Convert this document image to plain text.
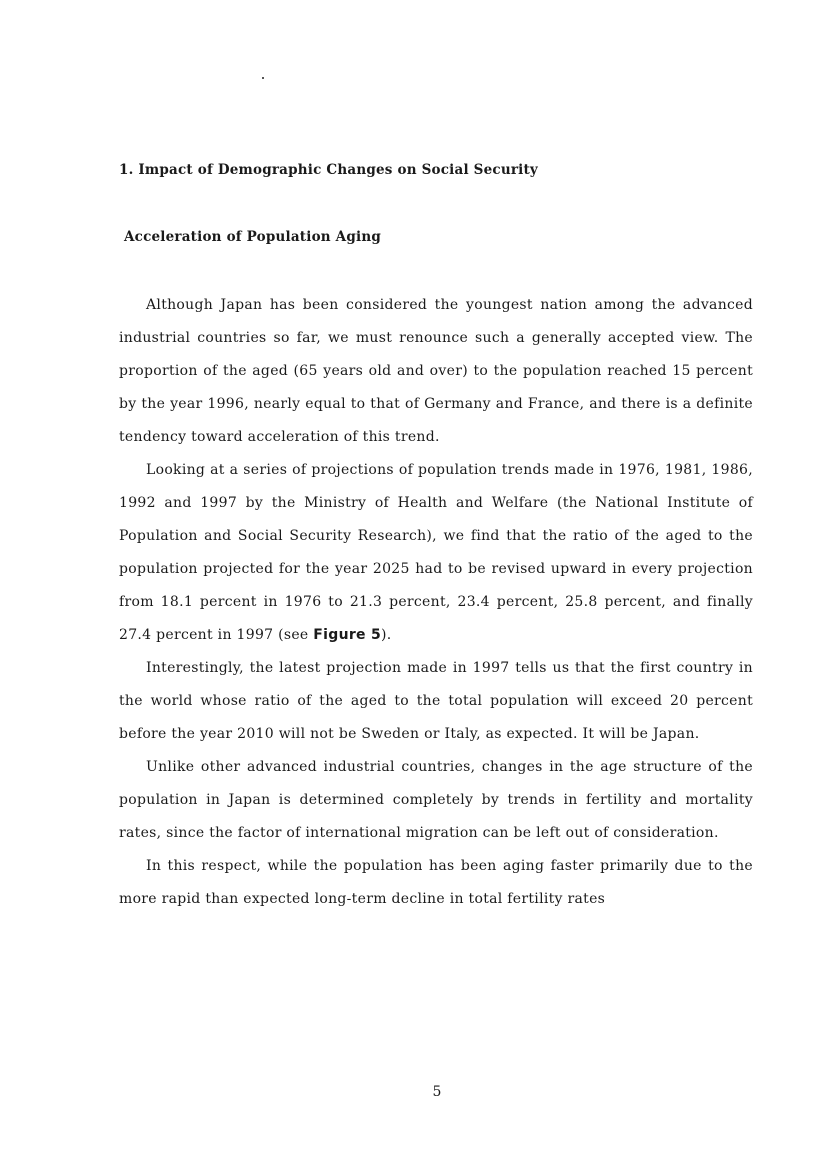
1. Impact of Demographic Changes on Social Security
Acceleration of Population Aging

Although Japan has been considered the youngest nation among the advanced industrial countries so far, we must renounce such a generally accepted view. The proportion of the aged (65 years old and over) to the population reached 15 percent by the year 1996, nearly equal to that of Germany and France, and there is a definite tendency toward acceleration of this trend.

Looking at a series of projections of population trends made in 1976, 1981, 1986, 1992 and 1997 by the Ministry of Health and Welfare (the National Institute of Population and Social Security Research), we find that the ratio of the aged to the population projected for the year 2025 had to be revised upward in every projection from 18.1 percent in 1976 to 21.3 percent, 23.4 percent, 25.8 percent, and finally 27.4 percent in 1997 (see Figure 5).

Interestingly, the latest projection made in 1997 tells us that the first country in the world whose ratio of the aged to the total population will exceed 20 percent before the year 2010 will not be Sweden or Italy, as expected. It will be Japan.

Unlike other advanced industrial countries, changes in the age structure of the population in Japan is determined completely by trends in fertility and mortality rates, since the factor of international migration can be left out of consideration.

In this respect, while the population has been aging faster primarily due to the more rapid than expected long-term decline in total fertility rates

5
